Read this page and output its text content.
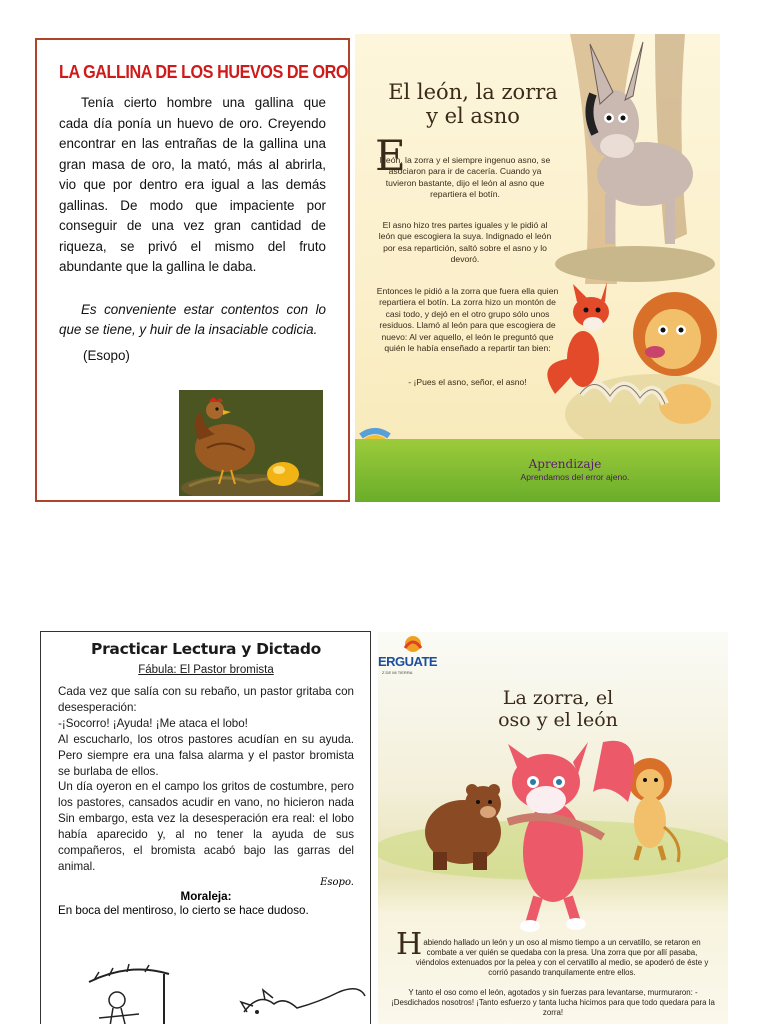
LA GALLINA DE LOS HUEVOS DE ORO

Tenía cierto hombre una gallina que cada día ponía un huevo de oro. Creyendo encontrar en las entrañas de la gallina una gran masa de oro, la mató, más al abrirla, vio que por dentro era igual a las demás gallinas. De modo que impaciente por conseguir de una vez gran cantidad de riqueza, se privó el mismo del fruto abundante que la gallina le daba.

Es conveniente estar contentos con lo que se tiene, y huir de la insaciable codicia.

(Esopo)

El león, la zorra
y el asno
E

l león, la zorra y el siempre ingenuo asno, se asociaron para ir de cacería. Cuando ya tuvieron bastante, dijo el león al asno que repartiera el botín.

El asno hizo tres partes iguales y le pidió al león que escogiera la suya. Indignado el león por esa repartición, saltó sobre el asno y lo devoró.

Entonces le pidió a la zorra que fuera ella quien repartiera el botín. La zorra hizo un montón de casi todo, y dejó en el otro grupo sólo unos residuos. Llamó al león para que escogiera de nuevo: Al ver aquello, el león le preguntó que quién le había enseñado a repartir tan bien:

- ¡Pues el asno, señor, el asno!

Aprendizaje
Aprendamos del error ajeno.
Practicar Lectura y Dictado
Fábula: El Pastor bromista
Cada vez que salía con su rebaño, un pastor gritaba con desesperación:
-¡Socorro! ¡Ayuda! ¡Me ataca el lobo!
Al escucharlo, los otros pastores acudían en su ayuda. Pero siempre era una falsa alarma y el pastor bromista se burlaba de ellos.
Un día oyeron en el campo los gritos de costumbre, pero los pastores, cansados acudir en vano, no hicieron nada Sin embargo, esta vez la desesperación era real: el lobo había aparecido y, al no tener la ayuda de sus compañeros, el bromista acabó bajo las garras del animal.
Esopo.
Moraleja:
En boca del mentiroso, lo cierto se hace dudoso.
ERGUATE
Z DE MI TIERRA
La zorra, el
oso y el león
H abiendo hallado un león y un oso al mismo tiempo a un cervatillo, se retaron en combate a ver quién se quedaba con la presa. Una zorra que por allí pasaba, viéndolos extenuados por la pelea y con el cervatillo al medio, se apoderó de éste y corrió pasando tranquilamente entre ellos.

Y tanto el oso como el león, agotados y sin fuerzas para levantarse, murmuraron: -¡Desdichados nosotros! ¡Tanto esfuerzo y tanta lucha hicimos para que todo quedara para la zorra!
